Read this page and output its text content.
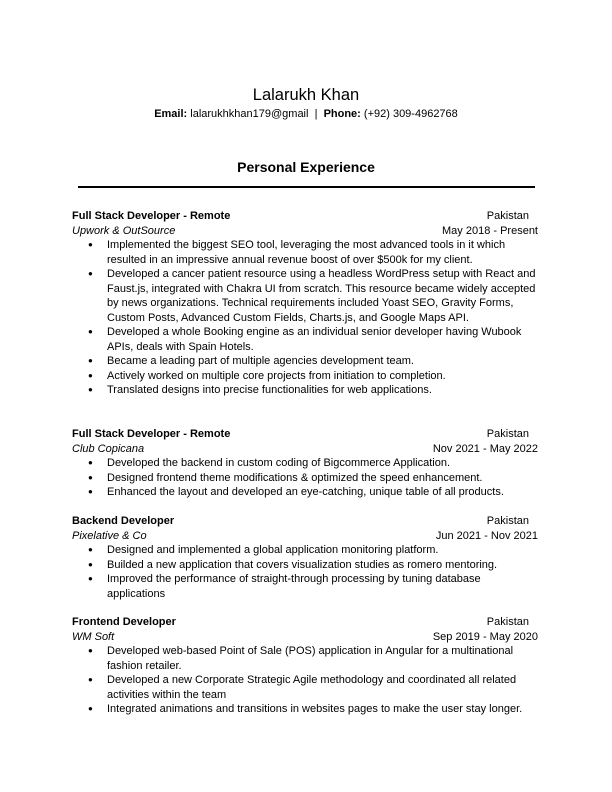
Lalarukh Khan
Email: lalarukhkhan179@gmail | Phone: (+92) 309-4962768
Personal Experience
Full Stack Developer - Remote	Pakistan
Upwork & OutSource	May 2018 - Present
● Implemented the biggest SEO tool, leveraging the most advanced tools in it which
resulted in an impressive annual revenue boost of over $500k for my client.
● Developed a cancer patient resource using a headless WordPress setup with React and
Faust.js, integrated with Chakra UI from scratch. This resource became widely accepted
by news organizations. Technical requirements included Yoast SEO, Gravity Forms,
Custom Posts, Advanced Custom Fields, Charts.js, and Google Maps API.
● Developed a whole Booking engine as an individual senior developer having Wubook
APIs, deals with Spain Hotels.
● Became a leading part of multiple agencies development team.
● Actively worked on multiple core projects from initiation to completion.
● Translated designs into precise functionalities for web applications.
Full Stack Developer - Remote	Pakistan
Club Copicana	Nov 2021 - May 2022
● Developed the backend in custom coding of Bigcommerce Application.
● Designed frontend theme modifications & optimized the speed enhancement.
● Enhanced the layout and developed an eye-catching, unique table of all products.
Backend Developer	Pakistan
Pixelative & Co	Jun 2021 - Nov 2021
● Designed and implemented a global application monitoring platform.
● Builded a new application that covers visualization studies as romero mentoring.
● Improved the performance of straight-through processing by tuning database
applications
Frontend Developer	Pakistan
WM Soft	Sep 2019 - May 2020
● Developed web-based Point of Sale (POS) application in Angular for a multinational
fashion retailer.
● Developed a new Corporate Strategic Agile methodology and coordinated all related
activities within the team
● Integrated animations and transitions in websites pages to make the user stay longer.
